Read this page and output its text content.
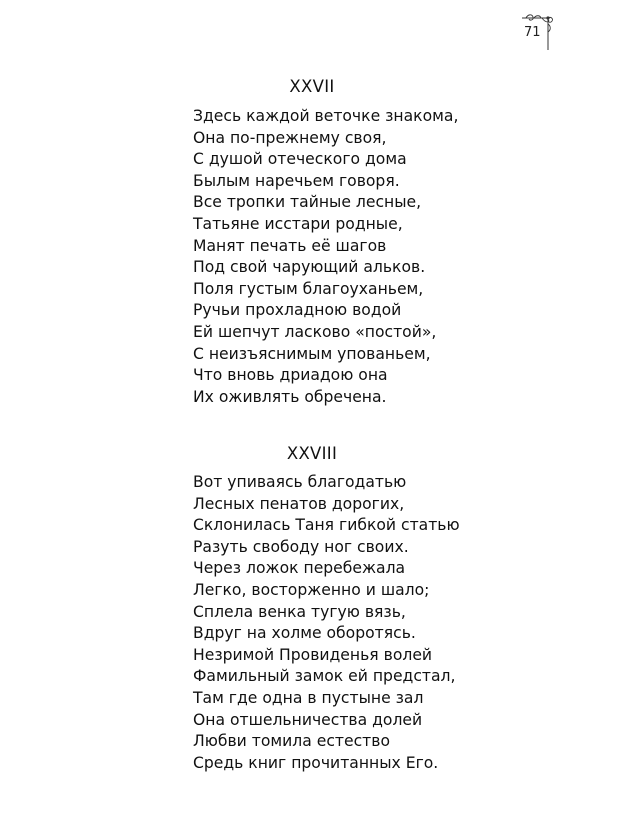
71
XXVII
Здесь каждой веточке знакома,
Она по-прежнему своя,
С душой отеческого дома
Былым наречьем говоря.
Все тропки тайные лесные,
Татьяне исстари родные,
Манят печать её шагов
Под свой чарующий альков.
Поля густым благоуханьем,
Ручьи прохладною водой
Ей шепчут ласково «постой»,
С неизъяснимым упованьем,
Что вновь дриадою она
Их оживлять обречена.
XXVIII
Вот упиваясь благодатью
Лесных пенатов дорогих,
Склонилась Таня гибкой статью
Разуть свободу ног своих.
Через ложок перебежала
Легко, восторженно и шало;
Сплела венка тугую вязь,
Вдруг на холме оборотясь.
Незримой Провиденья волей
Фамильный замок ей предстал,
Там где одна в пустыне зал
Она отшельничества долей
Любви томила естество
Средь книг прочитанных Его.
